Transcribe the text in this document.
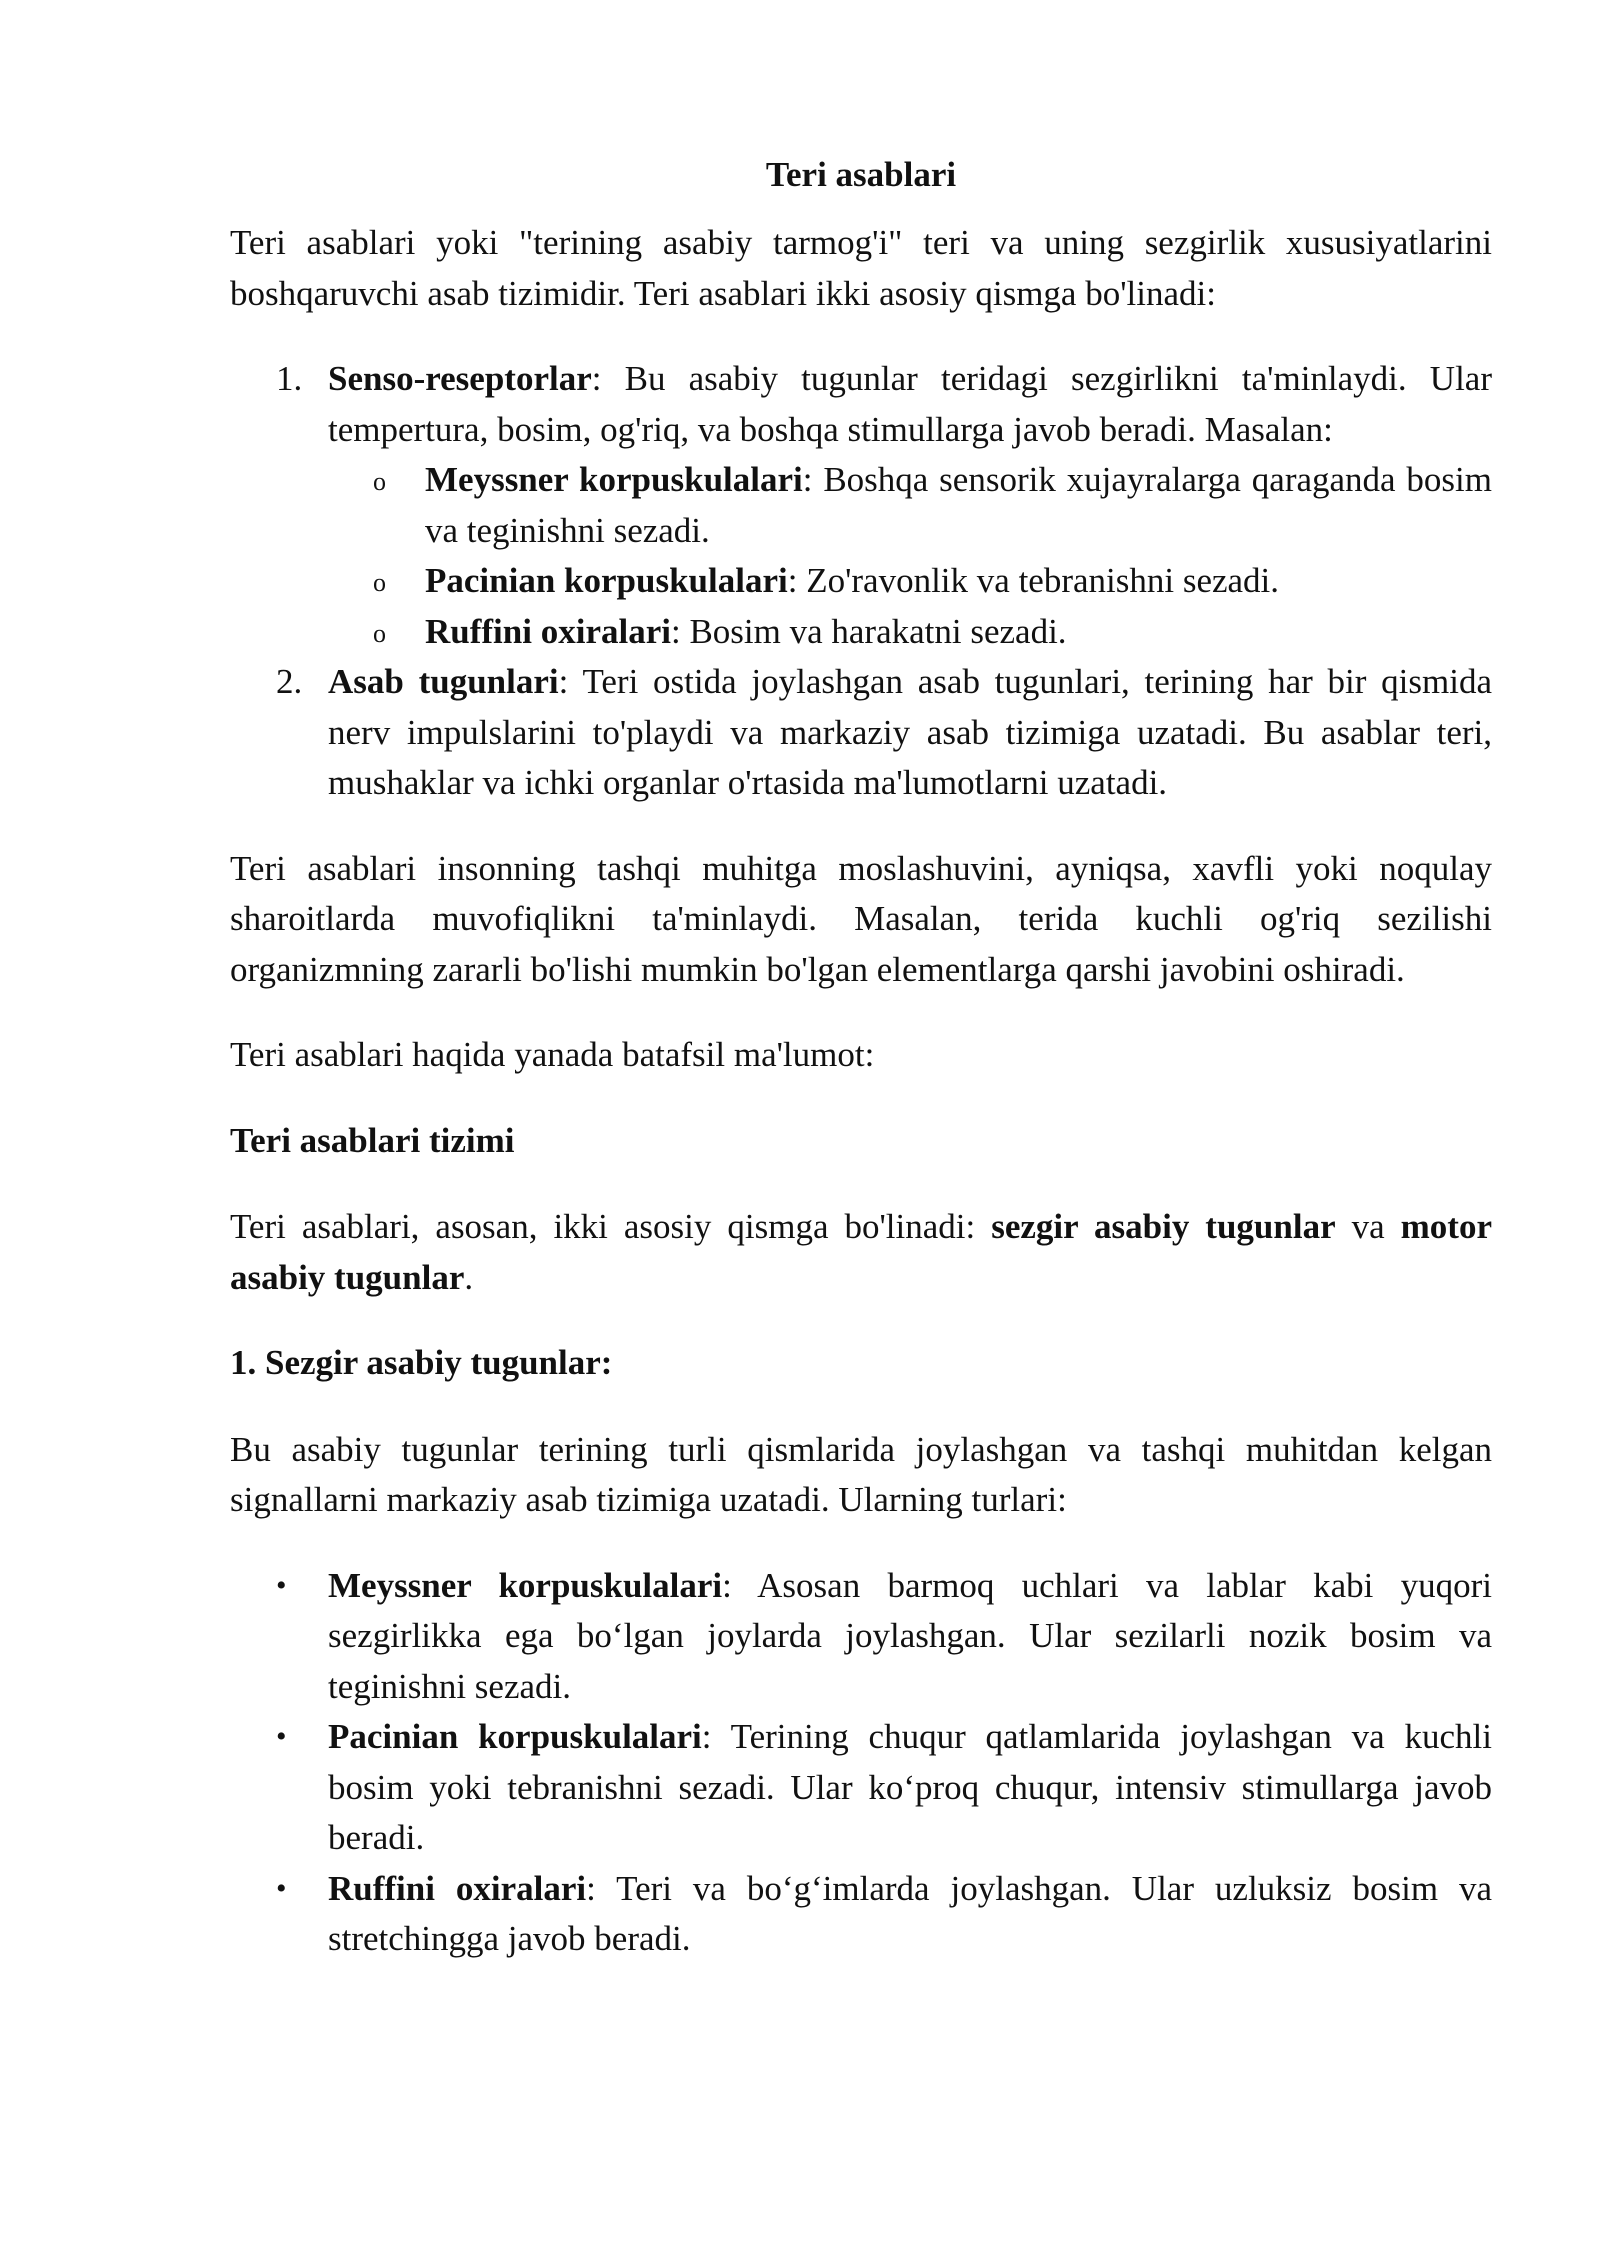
Teri asablari

Teri asablari yoki "terining asabiy tarmog'i" teri va uning sezgirlik xususiyatlarini boshqaruvchi asab tizimidir. Teri asablari ikki asosiy qismga bo'linadi:

1. Senso-reseptorlar: Bu asabiy tugunlar teridagi sezgirlikni ta'minlaydi. Ular tempertura, bosim, og'riq, va boshqa stimullarga javob beradi. Masalan:
o Meyssner korpuskulalari: Boshqa sensorik xujayralarga qaraganda bosim va teginishni sezadi.
o Pacinian korpuskulalari: Zo'ravonlik va tebranishni sezadi.
o Ruffini oxiralari: Bosim va harakatni sezadi.
2. Asab tugunlari: Teri ostida joylashgan asab tugunlari, terining har bir qismida nerv impulslarini to'playdi va markaziy asab tizimiga uzatadi. Bu asablar teri, mushaklar va ichki organlar o'rtasida ma'lumotlarni uzatadi.

Teri asablari insonning tashqi muhitga moslashuvini, ayniqsa, xavfli yoki noqulay sharoitlarda muvofiqlikni ta'minlaydi. Masalan, terida kuchli og'riq sezilishi organizmning zararli bo'lishi mumkin bo'lgan elementlarga qarshi javobini oshiradi.

Teri asablari haqida yanada batafsil ma'lumot:

Teri asablari tizimi

Teri asablari, asosan, ikki asosiy qismga bo'linadi: sezgir asabiy tugunlar va motor asabiy tugunlar.

1. Sezgir asabiy tugunlar:

Bu asabiy tugunlar terining turli qismlarida joylashgan va tashqi muhitdan kelgan signallarni markaziy asab tizimiga uzatadi. Ularning turlari:

• Meyssner korpuskulalari: Asosan barmoq uchlari va lablar kabi yuqori sezgirlikka ega bo‘lgan joylarda joylashgan. Ular sezilarli nozik bosim va teginishni sezadi.
• Pacinian korpuskulalari: Terining chuqur qatlamlarida joylashgan va kuchli bosim yoki tebranishni sezadi. Ular ko‘proq chuqur, intensiv stimullarga javob beradi.
• Ruffini oxiralari: Teri va bo‘g‘imlarda joylashgan. Ular uzluksiz bosim va stretchingga javob beradi.
